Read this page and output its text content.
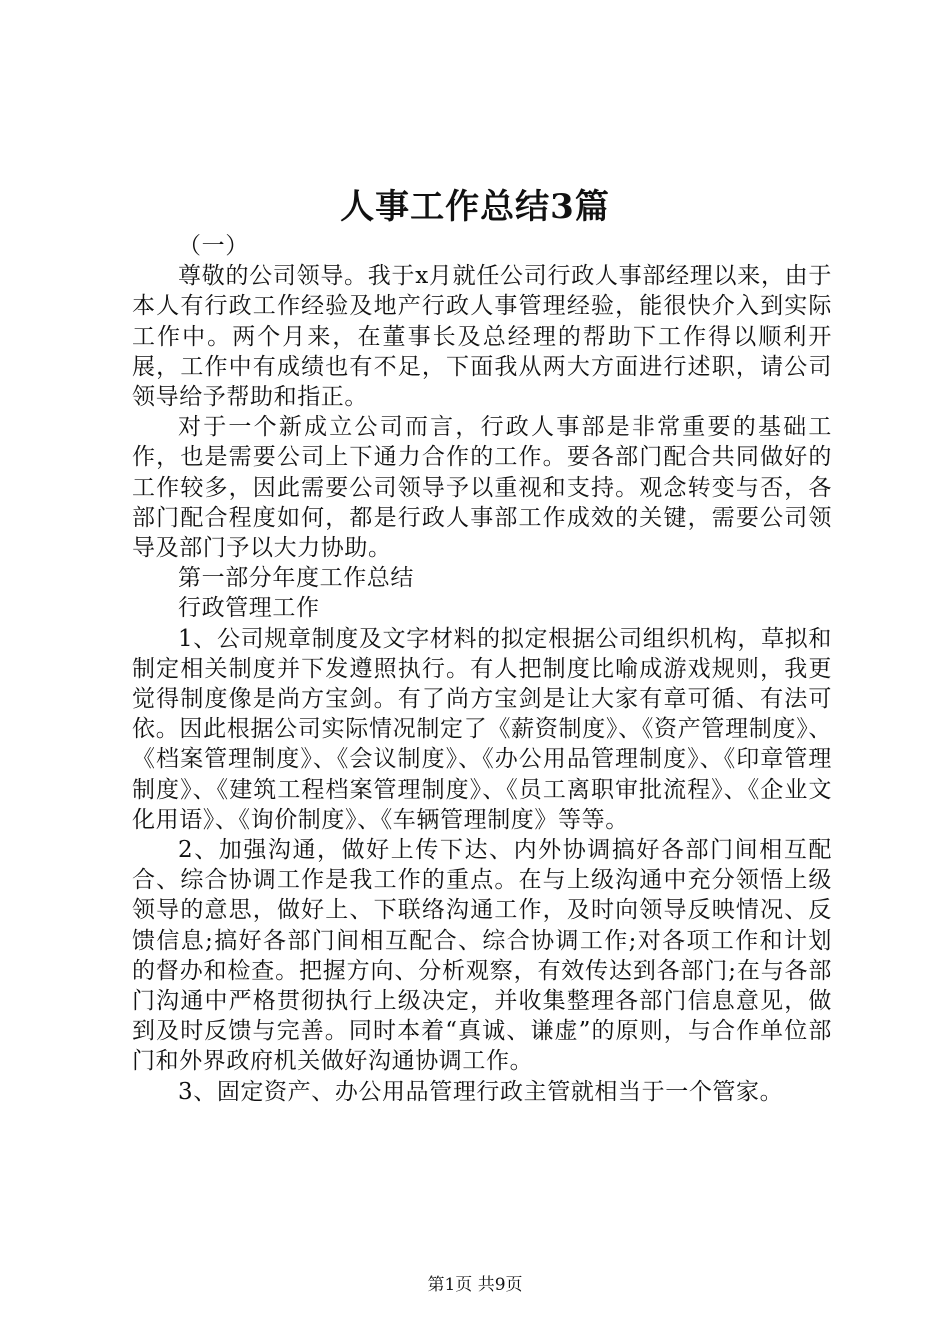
人事工作总结3篇

（一）

尊敬的公司领导。我于x月就任公司行政人事部经理以来，由于本人有行政工作经验及地产行政人事管理经验，能很快介入到实际工作中。两个月来，在董事长及总经理的帮助下工作得以顺利开展，工作中有成绩也有不足，下面我从两大方面进行述职，请公司领导给予帮助和指正。

对于一个新成立公司而言，行政人事部是非常重要的基础工作，也是需要公司上下通力合作的工作。要各部门配合共同做好的工作较多，因此需要公司领导予以重视和支持。观念转变与否，各部门配合程度如何，都是行政人事部工作成效的关键，需要公司领导及部门予以大力协助。

第一部分年度工作总结

行政管理工作

1、公司规章制度及文字材料的拟定根据公司组织机构，草拟和制定相关制度并下发遵照执行。有人把制度比喻成游戏规则，我更觉得制度像是尚方宝剑。有了尚方宝剑是让大家有章可循、有法可依。因此根据公司实际情况制定了《薪资制度》、《资产管理制度》、《档案管理制度》、《会议制度》、《办公用品管理制度》、《印章管理制度》、《建筑工程档案管理制度》、《员工离职审批流程》、《企业文化用语》、《询价制度》、《车辆管理制度》等等。

2、加强沟通，做好上传下达、内外协调搞好各部门间相互配合、综合协调工作是我工作的重点。在与上级沟通中充分领悟上级领导的意思，做好上、下联络沟通工作，及时向领导反映情况、反馈信息;搞好各部门间相互配合、综合协调工作;对各项工作和计划的督办和检查。把握方向、分析观察，有效传达到各部门;在与各部门沟通中严格贯彻执行上级决定，并收集整理各部门信息意见，做到及时反馈与完善。同时本着“真诚、谦虚”的原则，与合作单位部门和外界政府机关做好沟通协调工作。

3、固定资产、办公用品管理行政主管就相当于一个管家。

第1页 共9页
